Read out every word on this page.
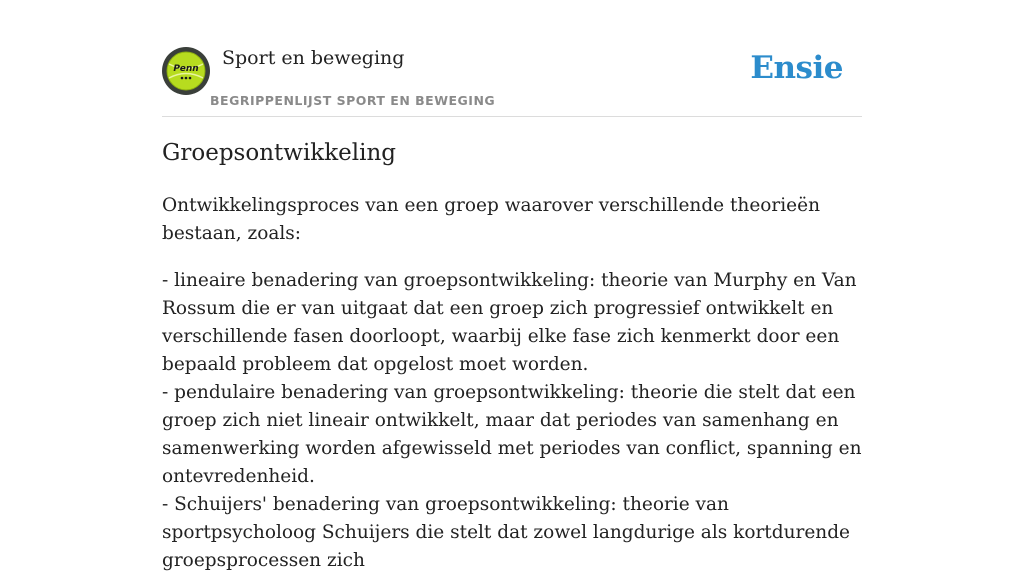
Penn Sport en beweging
BEGRIPPENLIJST SPORT EN BEWEGING
Ensie
Groepsontwikkeling

Ontwikkelingsproces van een groep waarover verschillende theorieën bestaan, zoals:

- lineaire benadering van groepsontwikkeling: theorie van Murphy en Van Rossum die er van uitgaat dat een groep zich progressief ontwikkelt en verschillende fasen doorloopt, waarbij elke fase zich kenmerkt door een bepaald probleem dat opgelost moet worden.
- pendulaire benadering van groepsontwikkeling: theorie die stelt dat een groep zich niet lineair ontwikkelt, maar dat periodes van samenhang en samenwerking worden afgewisseld met periodes van conflict, spanning en ontevredenheid.
- Schuijers' benadering van groepsontwikkeling: theorie van sportpsycholoog Schuijers die stelt dat zowel langdurige als kortdurende groepsprocessen zich
